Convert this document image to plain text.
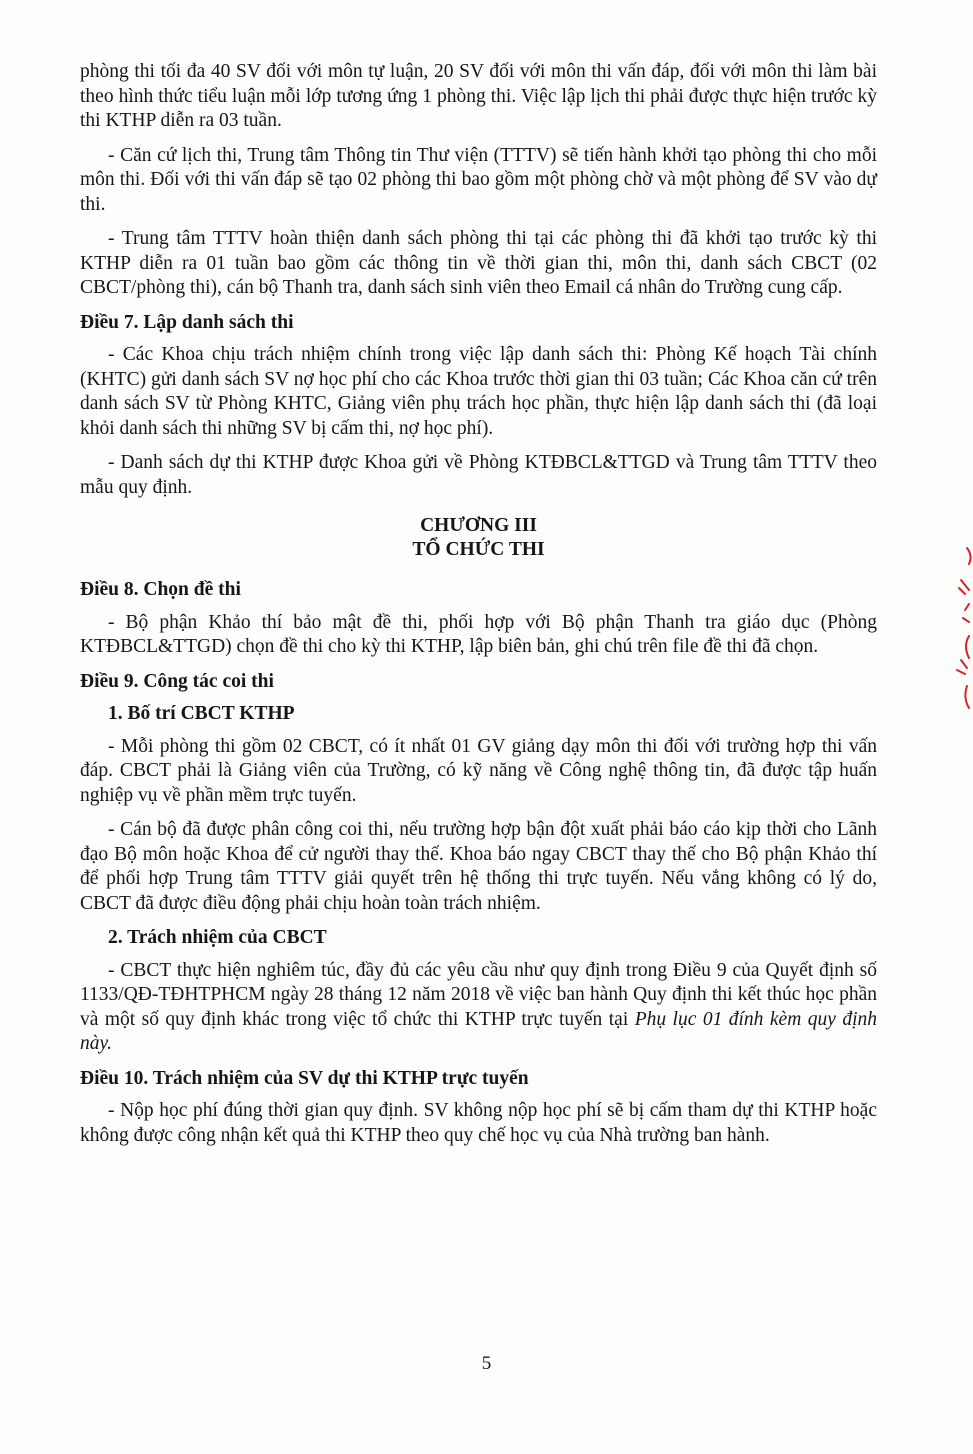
phòng thi tối đa 40 SV đối với môn tự luận, 20 SV đối với môn thi vấn đáp, đối với môn thi làm bài theo hình thức tiểu luận mỗi lớp tương ứng 1 phòng thi. Việc lập lịch thi phải được thực hiện trước kỳ thi KTHP diễn ra 03 tuần.

- Căn cứ lịch thi, Trung tâm Thông tin Thư viện (TTTV) sẽ tiến hành khởi tạo phòng thi cho mỗi môn thi. Đối với thi vấn đáp sẽ tạo 02 phòng thi bao gồm một phòng chờ và một phòng để SV vào dự thi.

- Trung tâm TTTV hoàn thiện danh sách phòng thi tại các phòng thi đã khởi tạo trước kỳ thi KTHP diễn ra 01 tuần bao gồm các thông tin về thời gian thi, môn thi, danh sách CBCT (02 CBCT/phòng thi), cán bộ Thanh tra, danh sách sinh viên theo Email cá nhân do Trường cung cấp.

Điều 7. Lập danh sách thi

- Các Khoa chịu trách nhiệm chính trong việc lập danh sách thi: Phòng Kế hoạch Tài chính (KHTC) gửi danh sách SV nợ học phí cho các Khoa trước thời gian thi 03 tuần; Các Khoa căn cứ trên danh sách SV từ Phòng KHTC, Giảng viên phụ trách học phần, thực hiện lập danh sách thi (đã loại khỏi danh sách thi những SV bị cấm thi, nợ học phí).

- Danh sách dự thi KTHP được Khoa gửi về Phòng KTĐBCL&TTGD và Trung tâm TTTV theo mẫu quy định.

CHƯƠNG III
TỔ CHỨC THI
Điều 8. Chọn đề thi

- Bộ phận Khảo thí bảo mật đề thi, phối hợp với Bộ phận Thanh tra giáo dục (Phòng KTĐBCL&TTGD) chọn đề thi cho kỳ thi KTHP, lập biên bản, ghi chú trên file đề thi đã chọn.

Điều 9. Công tác coi thi
1. Bố trí CBCT KTHP

- Mỗi phòng thi gồm 02 CBCT, có ít nhất 01 GV giảng dạy môn thi đối với trường hợp thi vấn đáp. CBCT phải là Giảng viên của Trường, có kỹ năng về Công nghệ thông tin, đã được tập huấn nghiệp vụ về phần mềm trực tuyến.

- Cán bộ đã được phân công coi thi, nếu trường hợp bận đột xuất phải báo cáo kịp thời cho Lãnh đạo Bộ môn hoặc Khoa để cử người thay thế. Khoa báo ngay CBCT thay thế cho Bộ phận Khảo thí để phối hợp Trung tâm TTTV giải quyết trên hệ thống thi trực tuyến. Nếu vắng không có lý do, CBCT đã được điều động phải chịu hoàn toàn trách nhiệm.

2. Trách nhiệm của CBCT

- CBCT thực hiện nghiêm túc, đầy đủ các yêu cầu như quy định trong Điều 9 của Quyết định số 1133/QĐ-TĐHTPHCM ngày 28 tháng 12 năm 2018 về việc ban hành Quy định thi kết thúc học phần và một số quy định khác trong việc tổ chức thi KTHP trực tuyến tại Phụ lục 01 đính kèm quy định này.

Điều 10. Trách nhiệm của SV dự thi KTHP trực tuyến

- Nộp học phí đúng thời gian quy định. SV không nộp học phí sẽ bị cấm tham dự thi KTHP hoặc không được công nhận kết quả thi KTHP theo quy chế học vụ của Nhà trường ban hành.

5
